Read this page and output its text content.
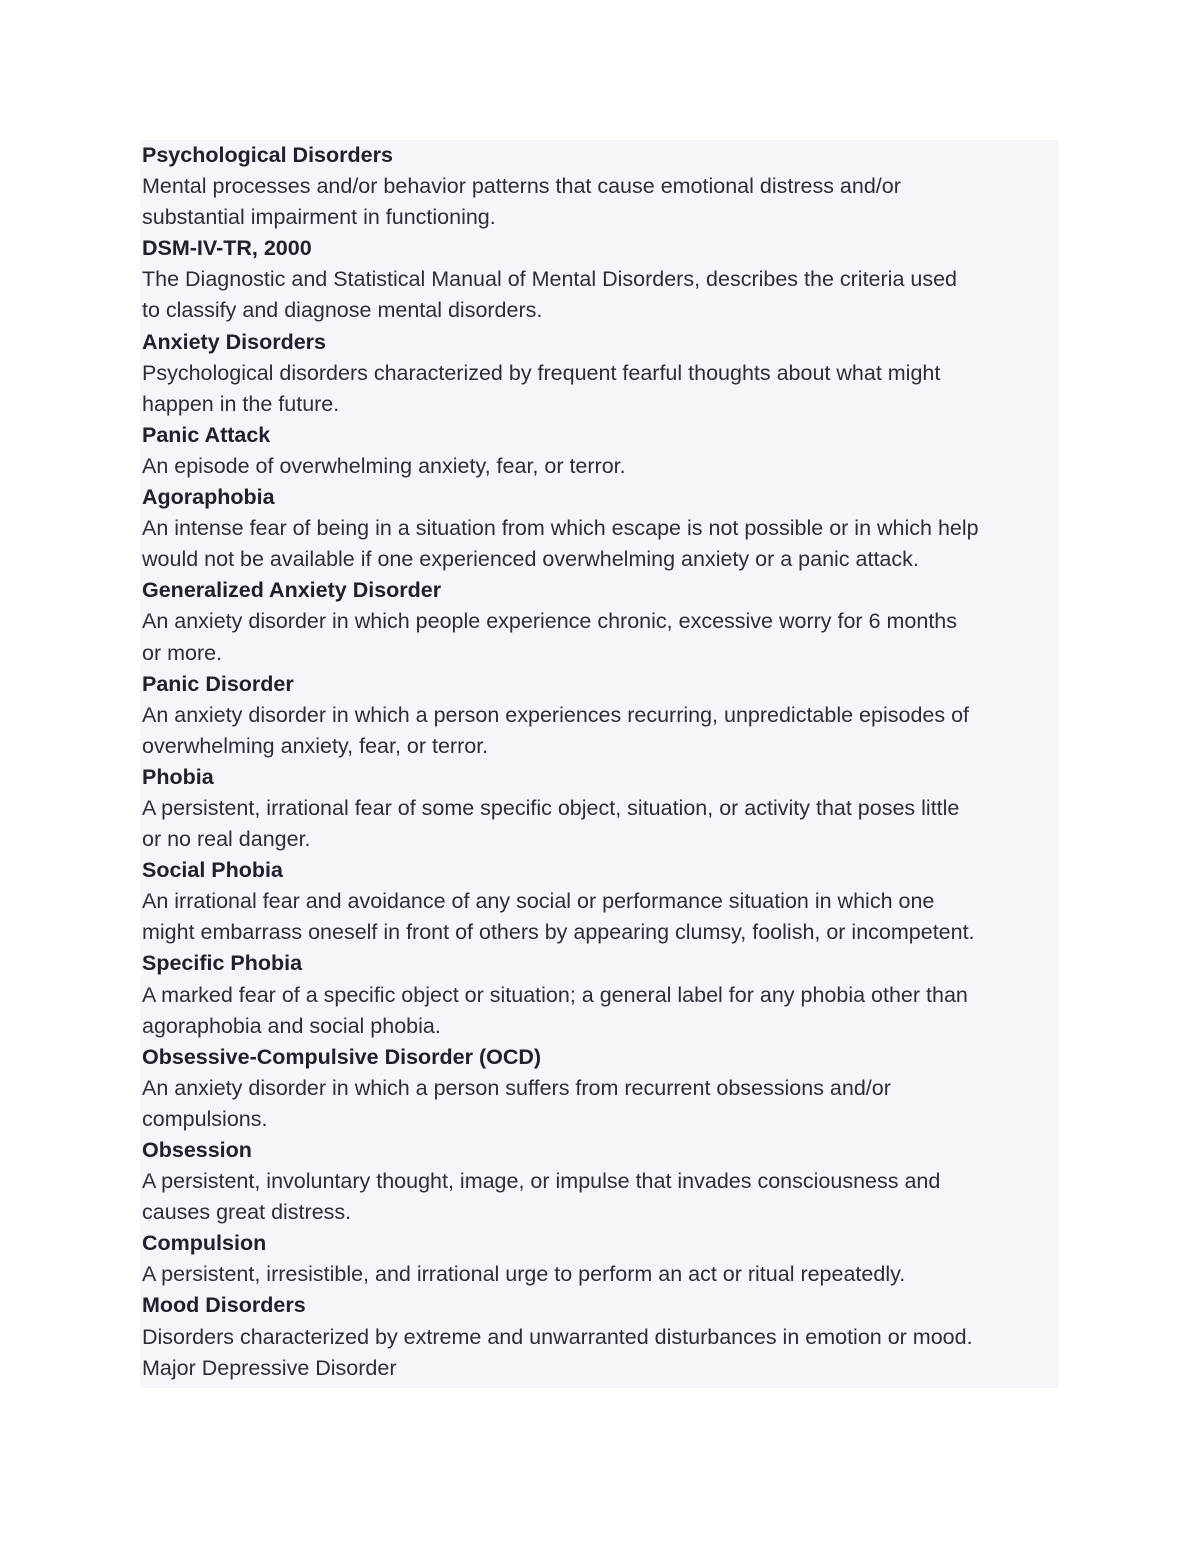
Psychological Disorders
Mental processes and/or behavior patterns that cause emotional distress and/or
substantial impairment in functioning.
DSM-IV-TR, 2000
The Diagnostic and Statistical Manual of Mental Disorders, describes the criteria used
to classify and diagnose mental disorders.
Anxiety Disorders
Psychological disorders characterized by frequent fearful thoughts about what might
happen in the future.
Panic Attack
An episode of overwhelming anxiety, fear, or terror.
Agoraphobia
An intense fear of being in a situation from which escape is not possible or in which help
would not be available if one experienced overwhelming anxiety or a panic attack.
Generalized Anxiety Disorder
An anxiety disorder in which people experience chronic, excessive worry for 6 months
or more.
Panic Disorder
An anxiety disorder in which a person experiences recurring, unpredictable episodes of
overwhelming anxiety, fear, or terror.
Phobia
A persistent, irrational fear of some specific object, situation, or activity that poses little
or no real danger.
Social Phobia
An irrational fear and avoidance of any social or performance situation in which one
might embarrass oneself in front of others by appearing clumsy, foolish, or incompetent.
Specific Phobia
A marked fear of a specific object or situation; a general label for any phobia other than
agoraphobia and social phobia.
Obsessive-Compulsive Disorder (OCD)
An anxiety disorder in which a person suffers from recurrent obsessions and/or
compulsions.
Obsession
A persistent, involuntary thought, image, or impulse that invades consciousness and
causes great distress.
Compulsion
A persistent, irresistible, and irrational urge to perform an act or ritual repeatedly.
Mood Disorders
Disorders characterized by extreme and unwarranted disturbances in emotion or mood.
Major Depressive Disorder
